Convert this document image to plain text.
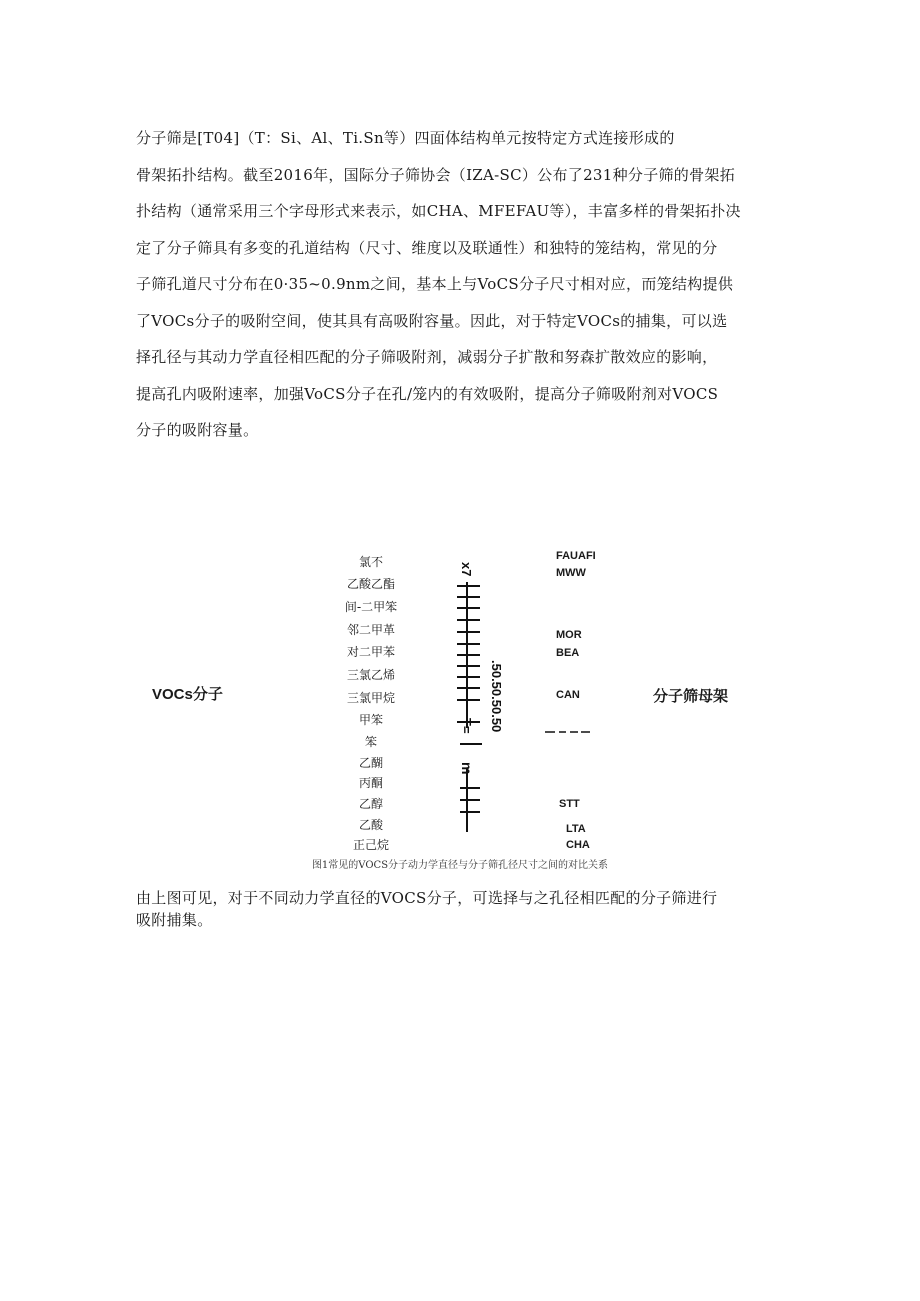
分子筛是[T04]（T：Si、Al、Ti.Sn等）四面体结构单元按特定方式连接形成的
骨架拓扑结构。截至2016年，国际分子筛协会（IZA-SC）公布了231种分子筛的骨架拓
扑结构（通常采用三个字母形式来表示，如CHA、MFEFAU等），丰富多样的骨架拓扑决
定了分子筛具有多变的孔道结构（尺寸、维度以及联通性）和独特的笼结构，常见的分
子筛孔道尺寸分布在0·35~0.9nm之间，基本上与VoCS分子尺寸相对应，而笼结构提供
了VOCs分子的吸附空间，使其具有高吸附容量。因此，对于特定VOCs的捕集，可以选
择孔径与其动力学直径相匹配的分子筛吸附剂，减弱分子扩散和努森扩散效应的影响，
提高孔内吸附速率，加强VoCS分子在孔/笼内的有效吸附，提高分子筛吸附剂对VOCS
分子的吸附容量。
VOCs分子	分子筛母架
氯不
乙酸乙酯
间-二甲笨
邻二甲革
对二甲苯
三氯乙烯
三氯甲烷
甲笨
笨
乙醐
丙酮
乙醇
乙酸
正己烷
x7
.50.50.50.50
T=
m
FAUAFI
MWW
MOR
BEA
CAN
STT
LTA
CHA
图1常见的VOCS分子动力学直径与分子筛孔径尺寸之间的对比关系
由上图可见，对于不同动力学直径的VOCS分子，可选择与之孔径相匹配的分子筛进行
吸附捕集。
